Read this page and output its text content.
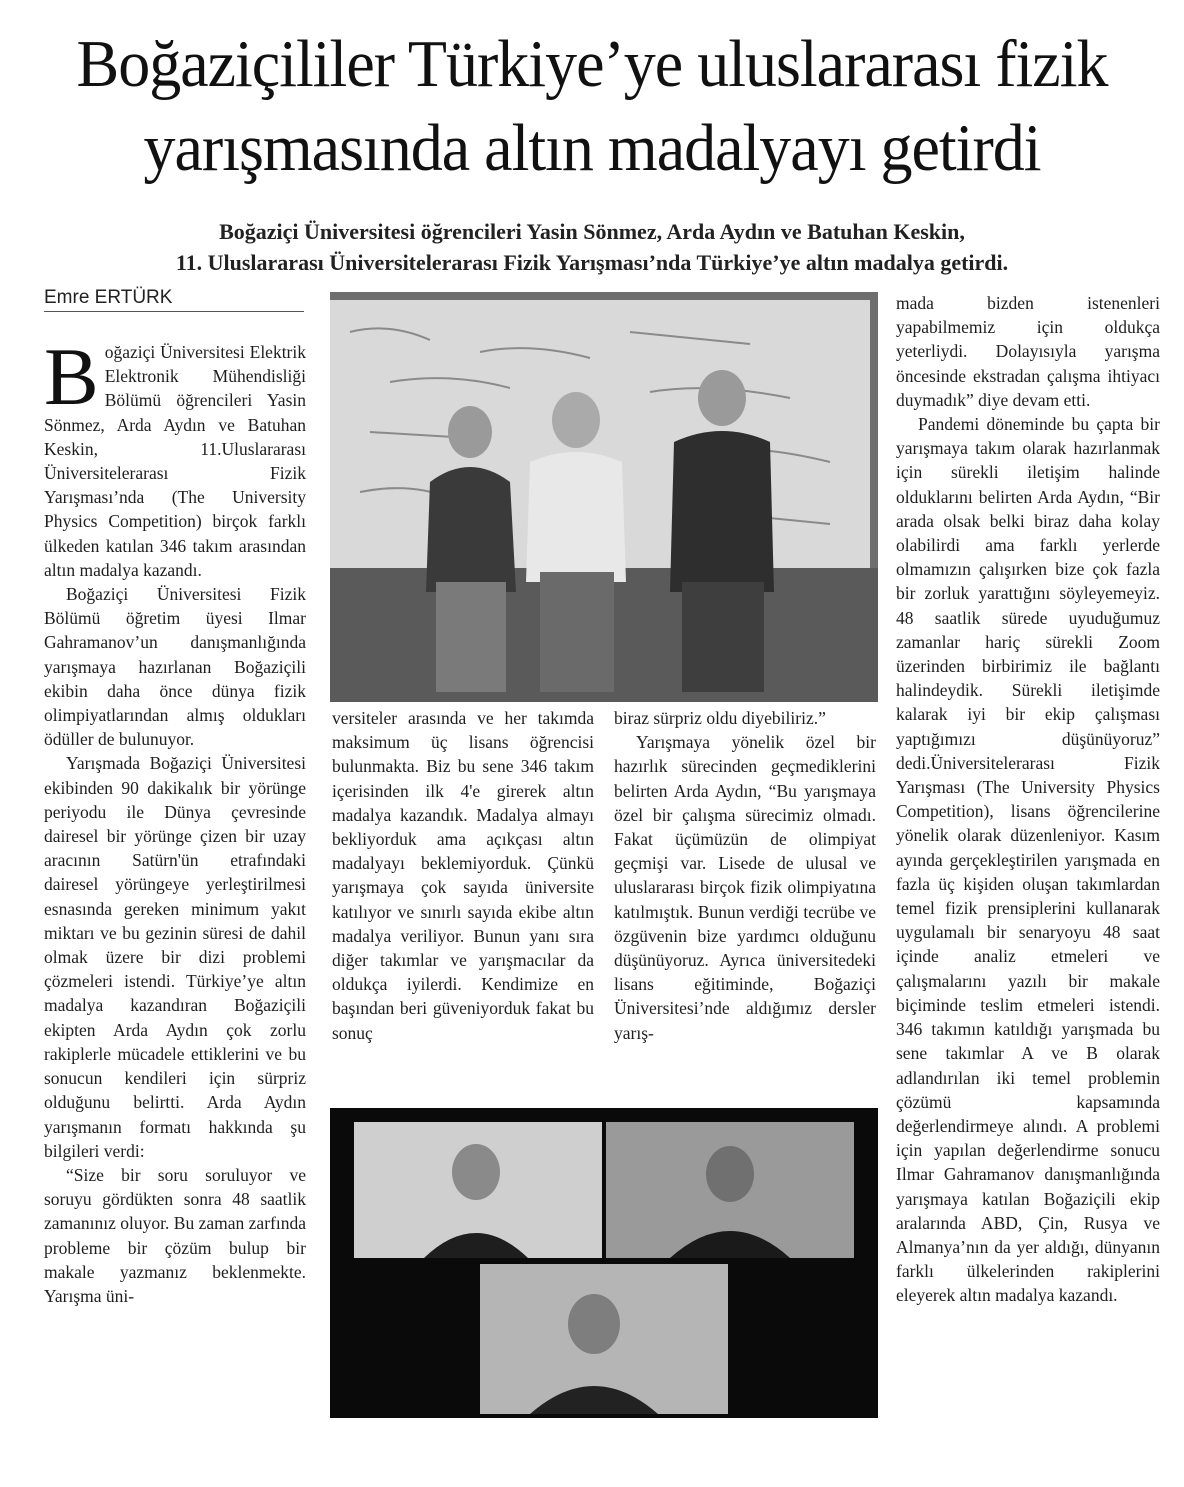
Boğaziçililer Türkiye’ye uluslararası fizik
yarışmasında altın madalyayı getirdi

Boğaziçi Üniversitesi öğrencileri Yasin Sönmez, Arda Aydın ve Batuhan Keskin,
11. Uluslararası Üniversitelerarası Fizik Yarışması’nda Türkiye’ye altın madalya getirdi.

Emre ERTÜRK

Boğaziçi Üniversitesi Elektrik Elektronik Mühendisliği Bölümü öğrencileri Yasin Sönmez, Arda Aydın ve Batuhan Keskin, 11.Uluslararası Üniversitelerarası Fizik Yarışması’nda (The University Physics Competition) birçok farklı ülkeden katılan 346 takım arasından altın madalya kazandı.

Boğaziçi Üniversitesi Fizik Bölümü öğretim üyesi Ilmar Gahramanov’un danışmanlığında yarışmaya hazırlanan Boğaziçili ekibin daha önce dünya fizik olimpiyatlarından almış oldukları ödüller de bulunuyor.

Yarışmada Boğaziçi Üniversitesi ekibinden 90 dakikalık bir yörünge periyodu ile Dünya çevresinde dairesel bir yörünge çizen bir uzay aracının Satürn'ün etrafındaki dairesel yörüngeye yerleştirilmesi esnasında gereken minimum yakıt miktarı ve bu gezinin süresi de dahil olmak üzere bir dizi problemi çözmeleri istendi. Türkiye’ye altın madalya kazandıran Boğaziçili ekipten Arda Aydın çok zorlu rakiplerle mücadele ettiklerini ve bu sonucun kendileri için sürpriz olduğunu belirtti. Arda Aydın yarışmanın formatı hakkında şu bilgileri verdi:

“Size bir soru soruluyor ve soruyu gördükten sonra 48 saatlik zamanınız oluyor. Bu zaman zarfında probleme bir çözüm bulup bir makale yazmanız beklenmekte. Yarışma üni-

versiteler arasında ve her takımda maksimum üç lisans öğrencisi bulunmakta. Biz bu sene 346 takım içerisinden ilk 4'e girerek altın madalya kazandık. Madalya almayı bekliyorduk ama açıkçası altın madalyayı beklemiyorduk. Çünkü yarışmaya çok sayıda üniversite katılıyor ve sınırlı sayıda ekibe altın madalya veriliyor. Bunun yanı sıra diğer takımlar ve yarışmacılar da oldukça iyilerdi. Kendimize en başından beri güveniyorduk fakat bu sonuç

biraz sürpriz oldu diyebiliriz.”

Yarışmaya yönelik özel bir hazırlık sürecinden geçmediklerini belirten Arda Aydın, “Bu yarışmaya özel bir çalışma sürecimiz olmadı. Fakat üçümüzün de olimpiyat geçmişi var. Lisede de ulusal ve uluslararası birçok fizik olimpiyatına katılmıştık. Bunun verdiği tecrübe ve özgüvenin bize yardımcı olduğunu düşünüyoruz. Ayrıca üniversitedeki lisans eğitiminde, Boğaziçi Üniversitesi’nde aldığımız dersler yarış-

mada bizden istenenleri yapabilmemiz için oldukça yeterliydi. Dolayısıyla yarışma öncesinde ekstradan çalışma ihtiyacı duymadık” diye devam etti.

Pandemi döneminde bu çapta bir yarışmaya takım olarak hazırlanmak için sürekli iletişim halinde olduklarını belirten Arda Aydın, “Bir arada olsak belki biraz daha kolay olabilirdi ama farklı yerlerde olmamızın çalışırken bize çok fazla bir zorluk yarattığını söyleyemeyiz. 48 saatlik sürede uyuduğumuz zamanlar hariç sürekli Zoom üzerinden birbirimiz ile bağlantı halindeydik. Sürekli iletişimde kalarak iyi bir ekip çalışması yaptığımızı düşünüyoruz” dedi.Üniversitelerarası Fizik Yarışması (The University Physics Competition), lisans öğrencilerine yönelik olarak düzenleniyor. Kasım ayında gerçekleştirilen yarışmada en fazla üç kişiden oluşan takımlardan temel fizik prensiplerini kullanarak uygulamalı bir senaryoyu 48 saat içinde analiz etmeleri ve çalışmalarını yazılı bir makale biçiminde teslim etmeleri istendi. 346 takımın katıldığı yarışmada bu sene takımlar A ve B olarak adlandırılan iki temel problemin çözümü kapsamında değerlendirmeye alındı. A problemi için yapılan değerlendirme sonucu Ilmar Gahramanov danışmanlığında yarışmaya katılan Boğaziçili ekip aralarında ABD, Çin, Rusya ve Almanya’nın da yer aldığı, dünyanın farklı ülkelerinden rakiplerini eleyerek altın madalya kazandı.
